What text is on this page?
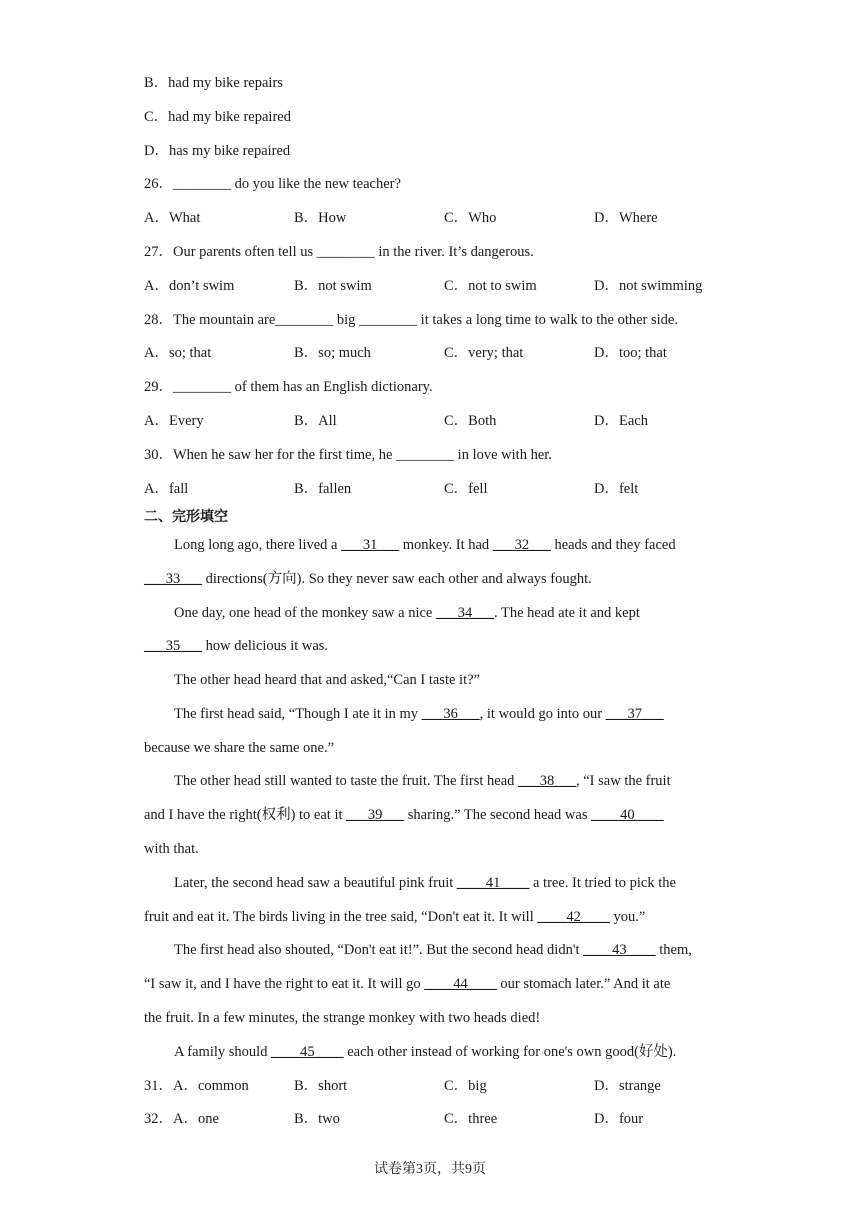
B．had my bike repairs
C．had my bike repaired
D．has my bike repaired
26．________ do you like the new teacher?
A．What	B．How	C．Who	D．Where
27．Our parents often tell us ________ in the river. It’s dangerous.
A．don’t swim	B．not swim	C．not to swim	D．not swimming
28．The mountain are________ big ________ it takes a long time to walk to the other side.
A．so; that	B．so; much	C．very; that	D．too; that
29．________ of them has an English dictionary.
A．Every	B．All	C．Both	D．Each
30．When he saw her for the first time, he ________ in love with her.
A．fall	B．fallen	C．fell	D．felt
二、完形填空
Long long ago, there lived a ___31___ monkey. It had ___32___ heads and they faced
___33___ directions(方向). So they never saw each other and always fought.
One day, one head of the monkey saw a nice ___34___. The head ate it and kept
___35___ how delicious it was.
The other head heard that and asked,“Can I taste it?”
The first head said, “Though I ate it in my ___36___, it would go into our ___37___
because we share the same one.”
The other head still wanted to taste the fruit. The first head ___38___, “I saw the fruit
and I have the right(权利) to eat it ___39___ sharing.” The second head was ____40____
with that.
Later, the second head saw a beautiful pink fruit ____41____ a tree. It tried to pick the
fruit and eat it. The birds living in the tree said, “Don't eat it. It will ____42____ you.”
The first head also shouted, “Don't eat it!”. But the second head didn't ____43____ them,
“I saw it, and I have the right to eat it. It will go ____44____ our stomach later.” And it ate
the fruit. In a few minutes, the strange monkey with two heads died!
A family should ____45____ each other instead of working for one's own good(好处).
31．A．common	B．short	C．big	D．strange
32．A．one	B．two	C．three	D．four
试卷第3页，共9页
